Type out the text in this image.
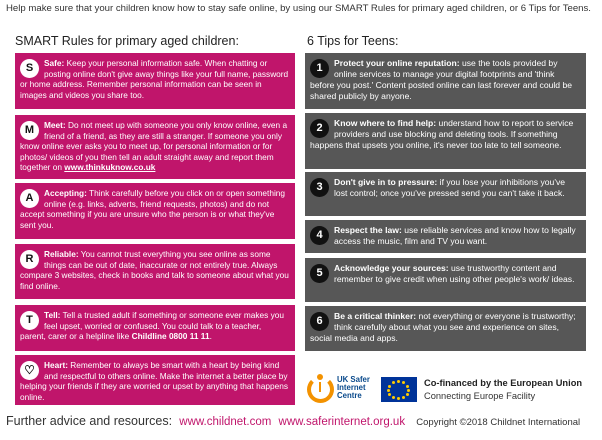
Help make sure that your children know how to stay safe online, by using our SMART Rules for primary aged children, or 6 Tips for Teens.
SMART Rules for primary aged children:	6 Tips for Teens:
S	Safe: Keep your personal information safe. When chatting or posting online don't give away things like your full name, password or home address. Remember personal information can be seen in images and videos you share too.
M	Meet: Do not meet up with someone you only know online, even a friend of a friend, as they are still a stranger. If someone you only know online ever asks you to meet up, for personal information or for photos/ videos of you then tell an adult straight away and report them together on www.thinkuknow.co.uk
A	Accepting: Think carefully before you click on or open something online (e.g. links, adverts, friend requests, photos) and do not accept something if you are unsure who the person is or what they've sent you.
R	Reliable: You cannot trust everything you see online as some things can be out of date, inaccurate or not entirely true. Always compare 3 websites, check in books and talk to someone about what you find online.
T	Tell: Tell a trusted adult if something or someone ever makes you feel upset, worried or confused. You could talk to a teacher, parent, carer or a helpline like Childline 0800 11 11.
♡	Heart: Remember to always be smart with a heart by being kind and respectful to others online. Make the internet a better place by helping your friends if they are worried or upset by anything that happens online.
1	Protect your online reputation: use the tools provided by online services to manage your digital footprints and 'think before you post.' Content posted online can last forever and could be shared publicly by anyone.
2	Know where to find help: understand how to report to service providers and use blocking and deleting tools. If something happens that upsets you online, it's never too late to tell someone.
3	Don't give in to pressure: if you lose your inhibitions you've lost control; once you've pressed send you can't take it back.
4	Respect the law: use reliable services and know how to legally access the music, film and TV you want.
5	Acknowledge your sources: use trustworthy content and remember to give credit when using other people's work/ ideas.
6	Be a critical thinker: not everything or everyone is trustworthy; think carefully about what you see and experience on sites, social media and apps.
UK Safer Internet Centre
Co-financed by the European Union
Connecting Europe Facility
Further advice and resources: www.childnet.com www.saferinternet.org.uk Copyright ©2018 Childnet International
